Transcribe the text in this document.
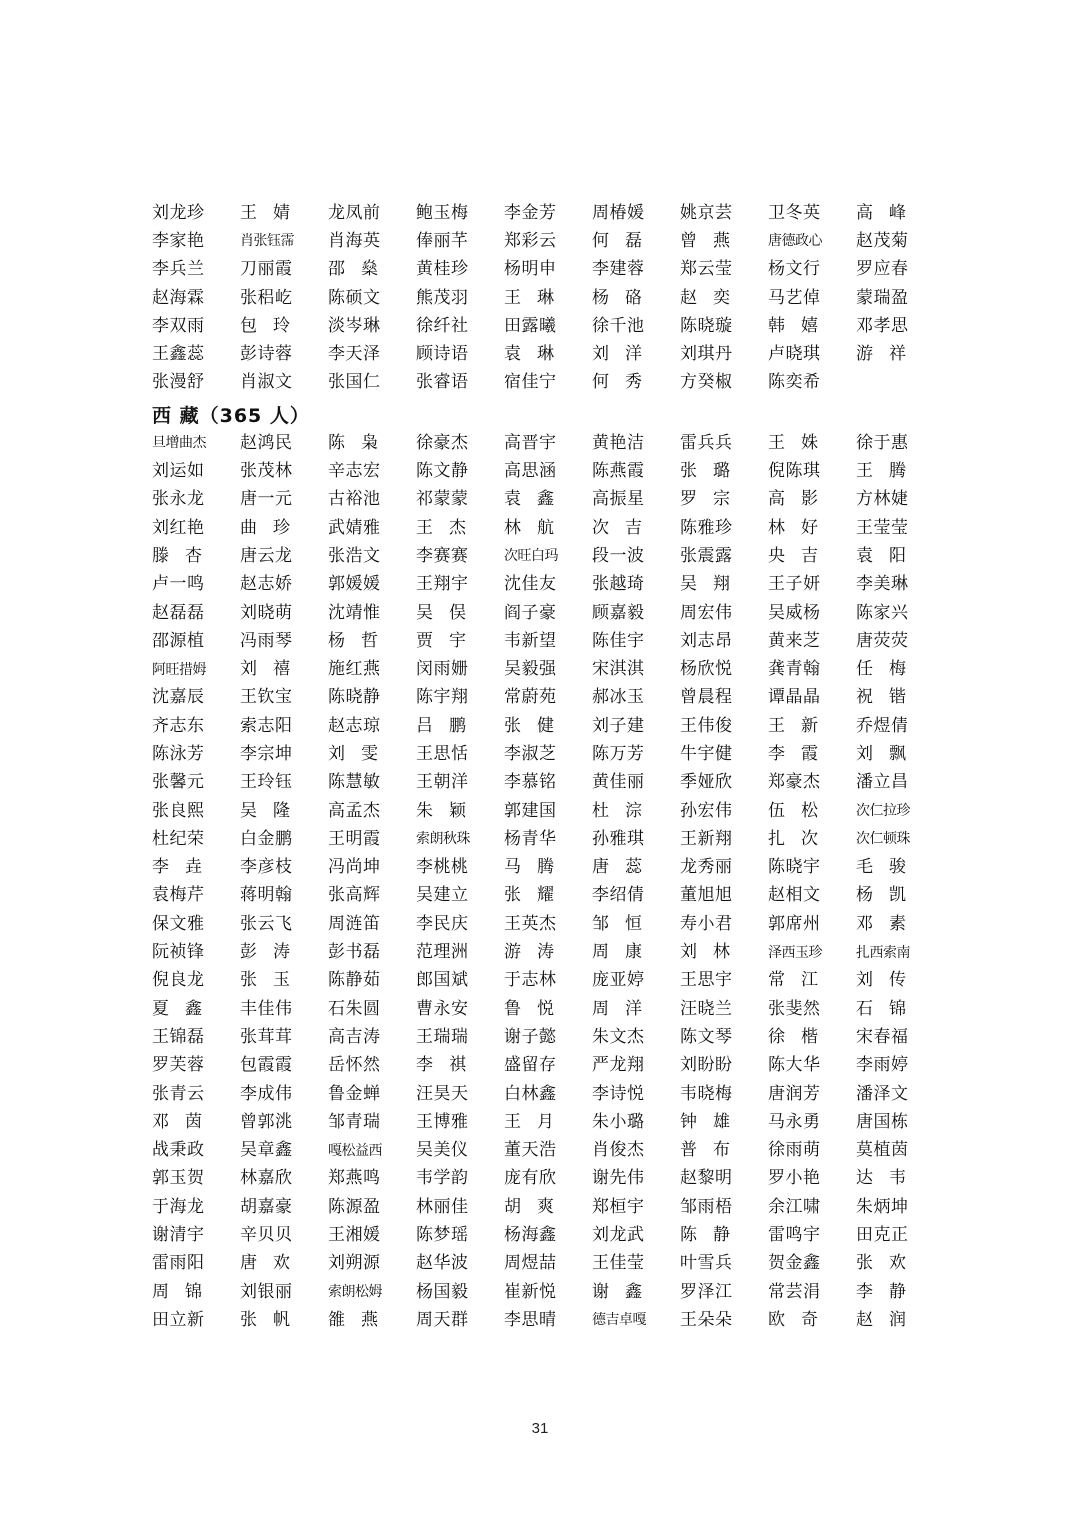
刘龙珍	王婧	龙凤前	鲍玉梅	李金芳	周椿媛	姚京芸	卫冬英	高峰
李家艳	肖张钰霈	肖海英	俸丽芊	郑彩云	何磊	曾燕	唐德政心	赵茂菊
李兵兰	刀丽霞	邵燊	黄桂珍	杨明申	李建蓉	郑云莹	杨文行	罗应春
赵海霖	张稆屹	陈硕文	熊茂羽	王琳	杨硌	赵奕	马艺倬	蒙瑞盈
李双雨	包玲	淡岑琳	徐纤社	田露曦	徐千池	陈晓璇	韩嬉	邓孝思
王鑫蕊	彭诗蓉	李天泽	顾诗语	袁琳	刘洋	刘琪丹	卢晓琪	游祥
张漫舒	肖淑文	张国仁	张睿语	宿佳宁	何秀	方癸椒	陈奕希
西 藏（365 人）
旦增曲杰	赵鸿民	陈枭	徐豪杰	高晋宇	黄艳洁	雷兵兵	王姝	徐于惠
刘运如	张茂林	辛志宏	陈文静	高思涵	陈燕霞	张璐	倪陈琪	王腾
张永龙	唐一元	古裕池	祁蒙蒙	袁鑫	高振星	罗宗	高影	方林婕
刘红艳	曲珍	武婧雅	王杰	林航	次吉	陈雅珍	林好	王莹莹
滕杏	唐云龙	张浩文	李赛赛	次旺白玛	段一波	张震露	央吉	袁阳
卢一鸣	赵志娇	郭媛媛	王翔宇	沈佳友	张越琦	吴翔	王子妍	李美琳
赵磊磊	刘晓萌	沈靖惟	吴俣	阎子豪	顾嘉毅	周宏伟	吴威杨	陈家兴
邵源植	冯雨琴	杨哲	贾宇	韦新望	陈佳宇	刘志昂	黄来芝	唐荧荧
阿旺措姆	刘禧	施红燕	闵雨姗	吴毅强	宋淇淇	杨欣悦	龚青翰	任梅
沈嘉辰	王钦宝	陈晓静	陈宇翔	常蔚苑	郝冰玉	曾晨程	谭晶晶	祝锴
齐志东	索志阳	赵志琼	吕鹏	张健	刘子建	王伟俊	王新	乔煜倩
陈泳芳	李宗坤	刘雯	王思恬	李淑芝	陈万芳	牛宇健	李霞	刘飘
张馨元	王玲钰	陈慧敏	王朝洋	李慕铭	黄佳丽	季娅欣	郑豪杰	潘立昌
张良熙	吴隆	高孟杰	朱颖	郭建国	杜淙	孙宏伟	伍松	次仁拉珍
杜纪荣	白金鹏	王明霞	索朗秋珠	杨青华	孙雅琪	王新翔	扎次	次仁顿珠
李垚	李彦枝	冯尚坤	李桃桃	马腾	唐蕊	龙秀丽	陈晓宇	毛骏
袁梅芹	蒋明翰	张高辉	吴建立	张耀	李绍倩	董旭旭	赵相文	杨凯
保文雅	张云飞	周涟笛	李民庆	王英杰	邹恒	寿小君	郭席州	邓素
阮祯锋	彭涛	彭书磊	范理洲	游涛	周康	刘林	泽西玉珍	扎西索南
倪良龙	张玉	陈静茹	郎国斌	于志林	庞亚婷	王思宇	常江	刘传
夏鑫	丰佳伟	石朱圆	曹永安	鲁悦	周洋	汪晓兰	张斐然	石锦
王锦磊	张茸茸	高吉涛	王瑞瑞	谢子懿	朱文杰	陈文琴	徐楷	宋春福
罗芙蓉	包霞霞	岳怀然	李祺	盛留存	严龙翔	刘盼盼	陈大华	李雨婷
张青云	李成伟	鲁金蝉	汪昊天	白林鑫	李诗悦	韦晓梅	唐润芳	潘泽文
邓茵	曾郭洮	邹青瑞	王博雅	王月	朱小璐	钟雄	马永勇	唐国栋
战秉政	吴章鑫	嘎松益西	吴美仪	董天浩	肖俊杰	普布	徐雨萌	莫植茵
郭玉贺	林嘉欣	郑燕鸣	韦学韵	庞有欣	谢先伟	赵黎明	罗小艳	达韦
于海龙	胡嘉豪	陈源盈	林丽佳	胡爽	郑桓宇	邹雨梧	余江啸	朱炳坤
谢清宇	辛贝贝	王湘媛	陈梦瑶	杨海鑫	刘龙武	陈静	雷鸣宇	田克正
雷雨阳	唐欢	刘朔源	赵华波	周煜喆	王佳莹	叶雪兵	贺金鑫	张欢
周锦	刘银丽	索朗松姆	杨国毅	崔新悦	谢鑫	罗泽江	常芸涓	李静
田立新	张帆	雒燕	周天群	李思晴	德吉卓嘎	王朵朵	欧奇	赵润
31
